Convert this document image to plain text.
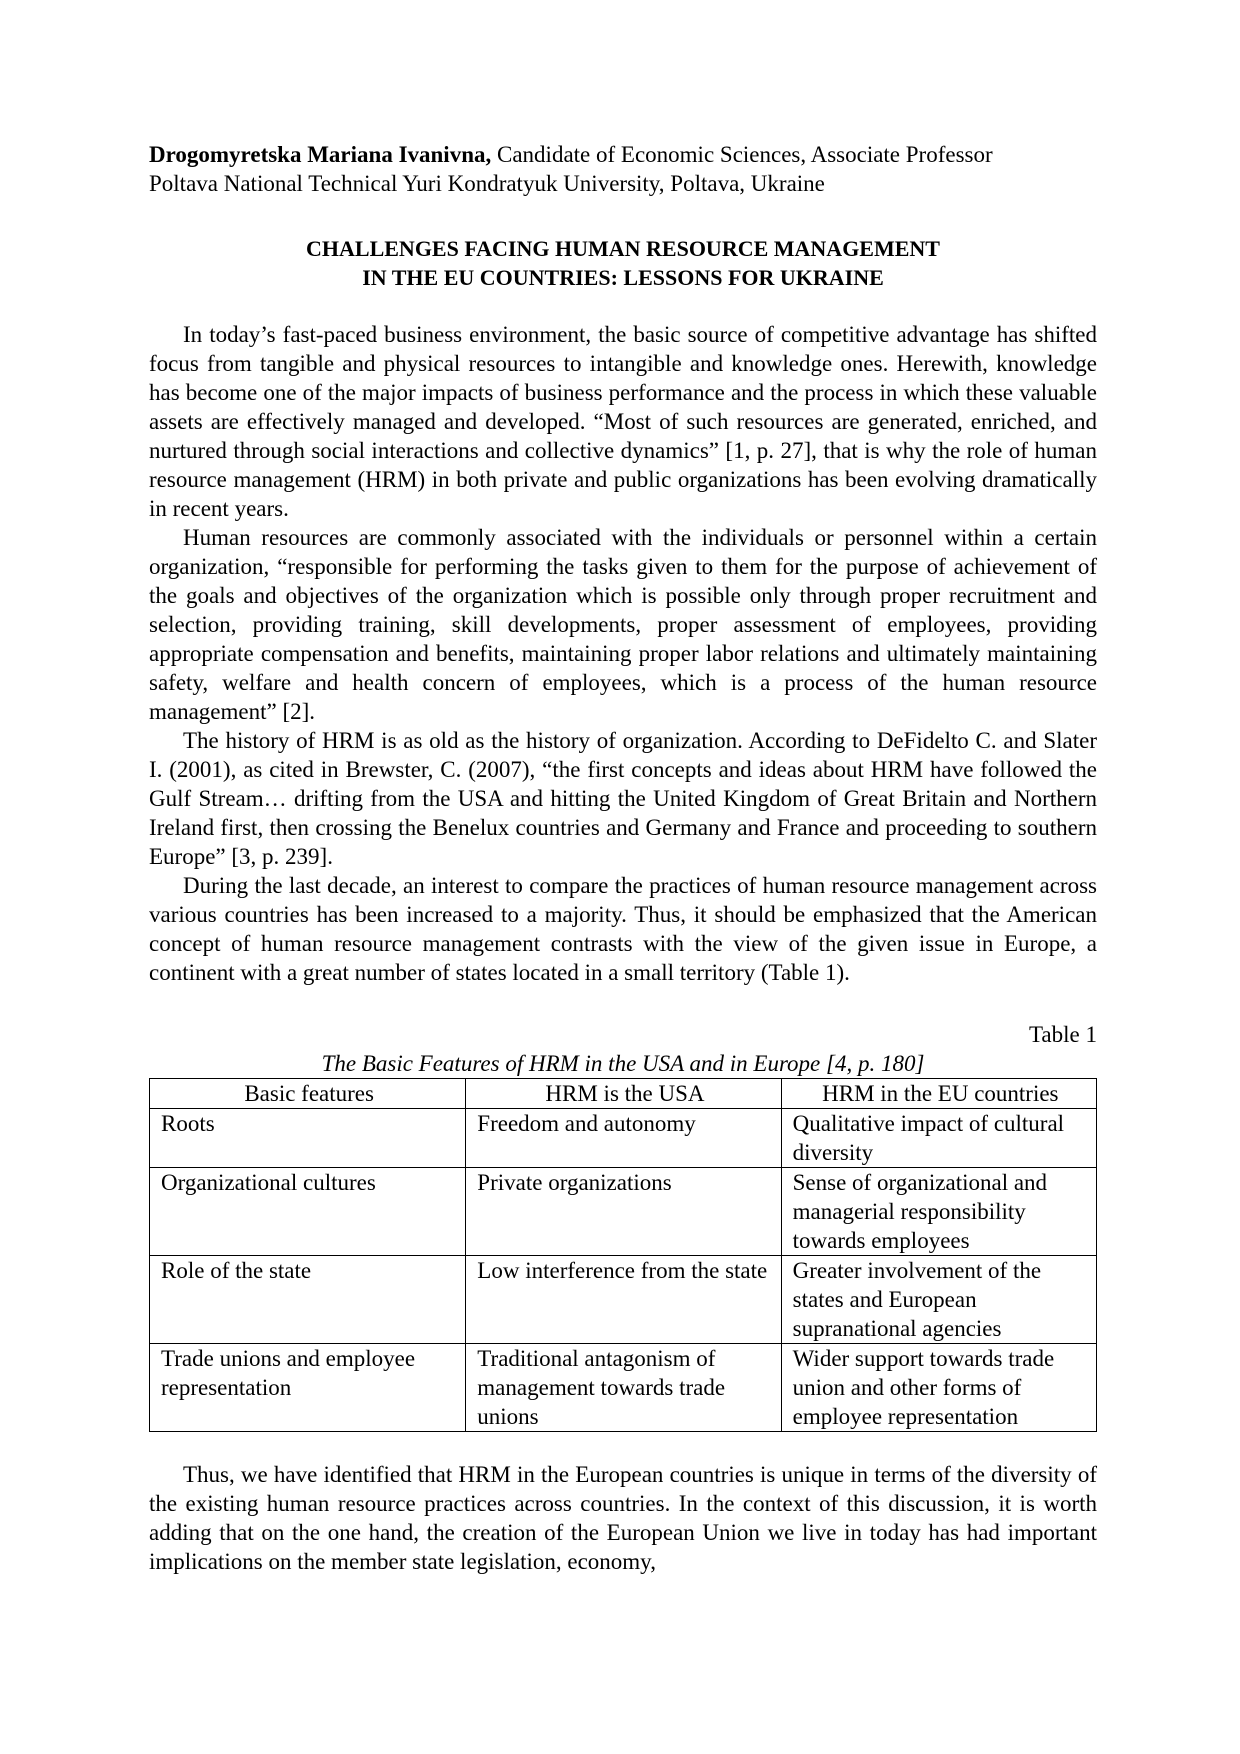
Drogomyretska Mariana Ivanivna, Candidate of Economic Sciences, Associate Professor

Poltava National Technical Yuri Kondratyuk University, Poltava, Ukraine

CHALLENGES FACING HUMAN RESOURCE MANAGEMENT
IN THE EU COUNTRIES: LESSONS FOR UKRAINE

In today’s fast-paced business environment, the basic source of competitive advantage has shifted focus from tangible and physical resources to intangible and knowledge ones. Herewith, knowledge has become one of the major impacts of business performance and the process in which these valuable assets are effectively managed and developed. “Most of such resources are generated, enriched, and nurtured through social interactions and collective dynamics” [1, p. 27], that is why the role of human resource management (HRM) in both private and public organizations has been evolving dramatically in recent years.

Human resources are commonly associated with the individuals or personnel within a certain organization, “responsible for performing the tasks given to them for the purpose of achievement of the goals and objectives of the organization which is possible only through proper recruitment and selection, providing training, skill developments, proper assessment of employees, providing appropriate compensation and benefits, maintaining proper labor relations and ultimately maintaining safety, welfare and health concern of employees, which is a process of the human resource management” [2].

The history of HRM is as old as the history of organization. According to DeFidelto C. and Slater I. (2001), as cited in Brewster, C. (2007), “the first concepts and ideas about HRM have followed the Gulf Stream… drifting from the USA and hitting the United Kingdom of Great Britain and Northern Ireland first, then crossing the Benelux countries and Germany and France and proceeding to southern Europe” [3, p. 239].

During the last decade, an interest to compare the practices of human resource management across various countries has been increased to a majority. Thus, it should be emphasized that the American concept of human resource management contrasts with the view of the given issue in Europe, a continent with a great number of states located in a small territory (Table 1).

Table 1
The Basic Features of HRM in the USA and in Europe [4, p. 180]
Basic features	HRM is the USA	HRM in the EU countries
Roots	Freedom and autonomy	Qualitative impact of cultural diversity
Organizational cultures	Private organizations	Sense of organizational and managerial responsibility towards employees
Role of the state	Low interference from the state	Greater involvement of the states and European supranational agencies
Trade unions and employee representation	Traditional antagonism of management towards trade unions	Wider support towards trade union and other forms of employee representation

Thus, we have identified that HRM in the European countries is unique in terms of the diversity of the existing human resource practices across countries. In the context of this discussion, it is worth adding that on the one hand, the creation of the European Union we live in today has had important implications on the member state legislation, economy,
